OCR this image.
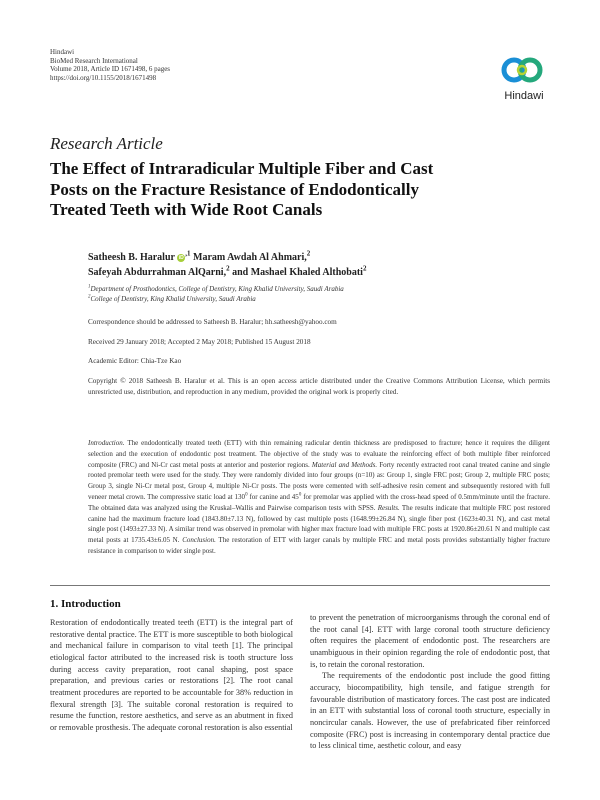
Hindawi
BioMed Research International
Volume 2018, Article ID 1671498, 6 pages
https://doi.org/10.1155/2018/1671498
Hindawi
Research Article
The Effect of Intraradicular Multiple Fiber and Cast Posts on the Fracture Resistance of Endodontically Treated Teeth with Wide Root Canals
Satheesh B. Haralur $iD^{,1}$ Maram Awdah Al Ahmari,$^2$
Safeyah Abdurrahman AlQarni,$^2$ and Mashael Khaled Althobati$^2$
$^1$Department of Prosthodontics, College of Dentistry, King Khalid University, Saudi Arabia
$^2$College of Dentistry, King Khalid University, Saudi Arabia
Correspondence should be addressed to Satheesh B. Haralur; hh.satheesh@yahoo.com
Received 29 January 2018; Accepted 2 May 2018; Published 15 August 2018
Academic Editor: Chia-Tze Kao
Copyright © 2018 Satheesh B. Haralur et al. This is an open access article distributed under the Creative Commons Attribution License, which permits unrestricted use, distribution, and reproduction in any medium, provided the original work is properly cited.
Introduction. The endodontically treated teeth (ETT) with thin remaining radicular dentin thickness are predisposed to fracture; hence it requires the diligent selection and the execution of endodontic post treatment. The objective of the study was to evaluate the reinforcing effect of both multiple fiber reinforced composite (FRC) and Ni-Cr cast metal posts at anterior and posterior regions. Material and Methods. Forty recently extracted root canal treated canine and single rooted premolar teeth were used for the study. They were randomly divided into four groups (n=10) as: Group 1, single FRC post; Group 2, multiple FRC posts; Group 3, single Ni-Cr metal post, Group 4, multiple Ni-Cr posts. The posts were cemented with self-adhesive resin cement and subsequently restored with full veneer metal crown. The compressive static load at $130^0$ for canine and $45^0$ for premolar was applied with the cross-head speed of 0.5mm/minute until the fracture. The obtained data was analyzed using the Kruskal–Wallis and Pairwise comparison tests with SPSS. Results. The results indicate that multiple FRC post restored canine had the maximum fracture load (1843.80±7.13 N), followed by cast multiple posts (1648.99±26.84 N), single fiber post (1623±40.31 N), and cast metal single post (1493±27.33 N). A similar trend was observed in premolar with higher max fracture load with multiple FRC posts at 1920.86±20.61 N and multiple cast metal posts at 1735.43±6.05 N. Conclusion. The restoration of ETT with larger canals by multiple FRC and metal posts provides substantially higher fracture resistance in comparison to wider single post.
1. Introduction

Restoration of endodontically treated teeth (ETT) is the integral part of restorative dental practice. The ETT is more susceptible to both biological and mechanical failure in comparison to vital teeth [1]. The principal etiological factor attributed to the increased risk is tooth structure loss during access cavity preparation, root canal shaping, post space preparation, and previous caries or restorations [2]. The root canal treatment procedures are reported to be accountable for 38% reduction in flexural strength [3]. The suitable coronal restoration is required to resume the function, restore aesthetics, and serve as an abutment in fixed or removable prosthesis. The adequate coronal restoration is also essential

to prevent the penetration of microorganisms through the coronal end of the root canal [4]. ETT with large coronal tooth structure deficiency often requires the placement of endodontic post. The researchers are unambiguous in their opinion regarding the role of endodontic post, that is, to retain the coronal restoration.

The requirements of the endodontic post include the good fitting accuracy, biocompatibility, high tensile, and fatigue strength for favourable distribution of masticatory forces. The cast post are indicated in an ETT with substantial loss of coronal tooth structure, especially in noncircular canals. However, the use of prefabricated fiber reinforced composite (FRC) post is increasing in contemporary dental practice due to less clinical time, aesthetic colour, and easy
